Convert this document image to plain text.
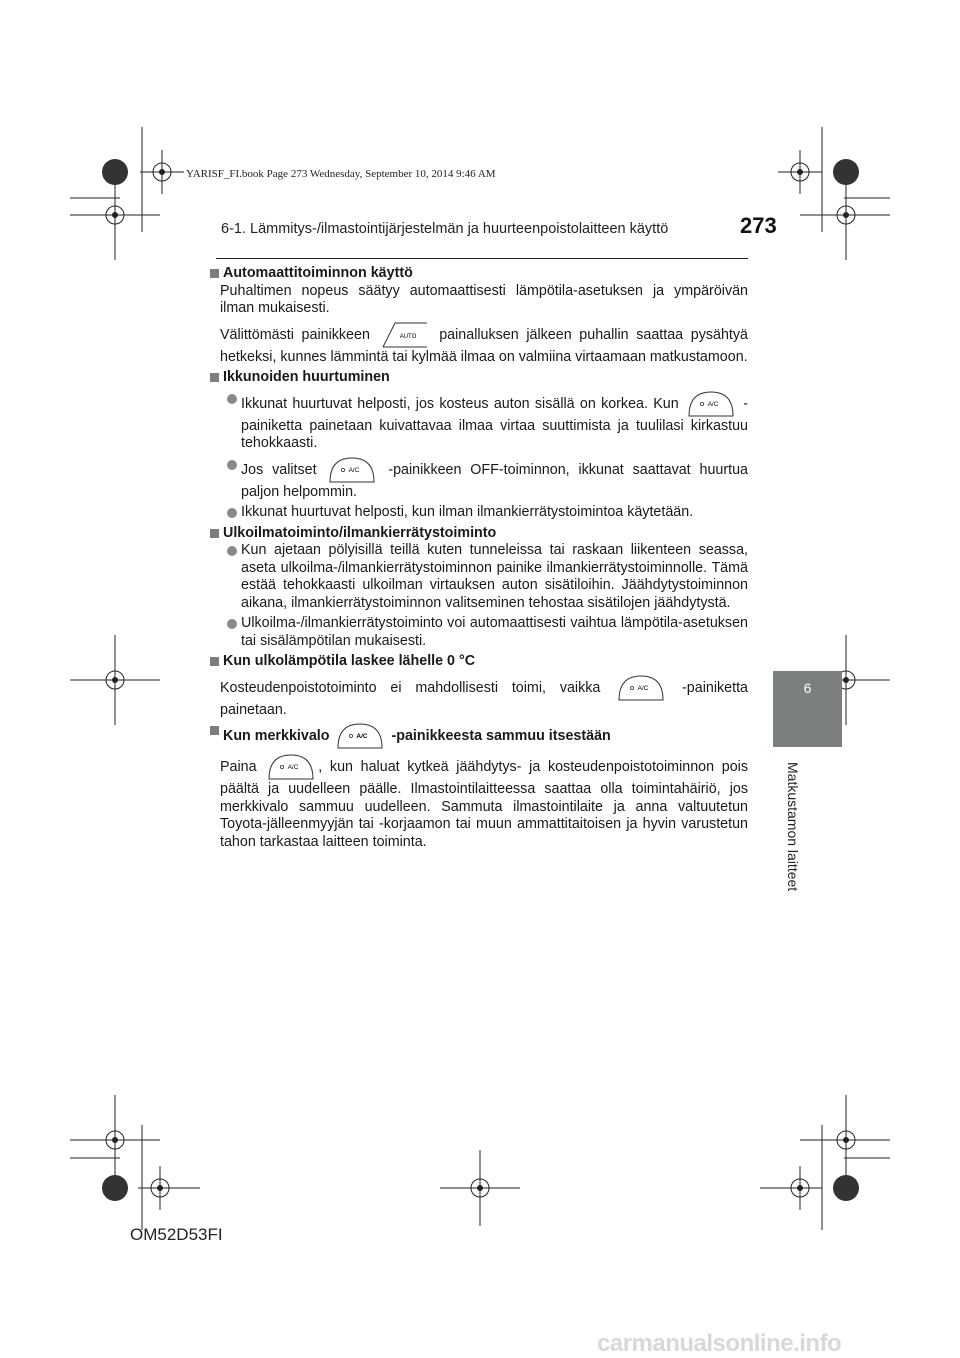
YARISF_FI.book Page 273 Wednesday, September 10, 2014 9:46 AM
6-1. Lämmitys-/ilmastointijärjestelmän ja huurteenpoistolaitteen käyttö	273
6
Matkustamon laitteet

Automaattitoiminnon käyttö

Puhaltimen nopeus säätyy automaattisesti lämpötila-asetuksen ja ympäröivän ilman mukaisesti.

Välittömästi painikkeen	AUTO painalluksen jälkeen puhallin saattaa pysähtyä hetkeksi, kunnes lämmintä tai kylmää ilmaa on valmiina virtaamaan matkustamoon.

Ikkunoiden huurtuminen

Ikkunat huurtuvat helposti, jos kosteus auton sisällä on korkea. Kun	A/C -painiketta painetaan kuivattavaa ilmaa virtaa suuttimista ja tuulilasi kirkastuu tehokkaasti.

Jos valitset	A/C -painikkeen OFF-toiminnon, ikkunat saattavat huurtua paljon helpommin.

Ikkunat huurtuvat helposti, kun ilman ilmankierrätystoimintoa käytetään.

Ulkoilmatoiminto/ilmankierrätystoiminto

Kun ajetaan pölyisillä teillä kuten tunneleissa tai raskaan liikenteen seassa, aseta ulkoilma-/ilmankierrätystoiminnon painike ilmankierrätystoiminnolle. Tämä estää tehokkaasti ulkoilman virtauksen auton sisätiloihin. Jäähdytystoiminnon aikana, ilmankierrätystoiminnon valitseminen tehostaa sisätilojen jäähdytystä.

Ulkoilma-/ilmankierrätystoiminto voi automaattisesti vaihtua lämpötila-asetuksen tai sisälämpötilan mukaisesti.

Kun ulkolämpötila laskee lähelle 0 °C

Kosteudenpoistotoiminto ei mahdollisesti toimi, vaikka	A/C -painiketta painetaan.

Kun merkkivalo	A/C -painikkeesta sammuu itsestään

Paina	A/C , kun haluat kytkeä jäähdytys- ja kosteudenpoistotoiminnon pois päältä ja uudelleen päälle. Ilmastointilaitteessa saattaa olla toimintahäiriö, jos merkkivalo sammuu uudelleen. Sammuta ilmastointilaite ja anna valtuutetun Toyota-jälleenmyyjän tai -korjaamon tai muun ammattitaitoisen ja hyvin varustetun tahon tarkastaa laitteen toiminta.

OM52D53FI
carmanualsonline.info
